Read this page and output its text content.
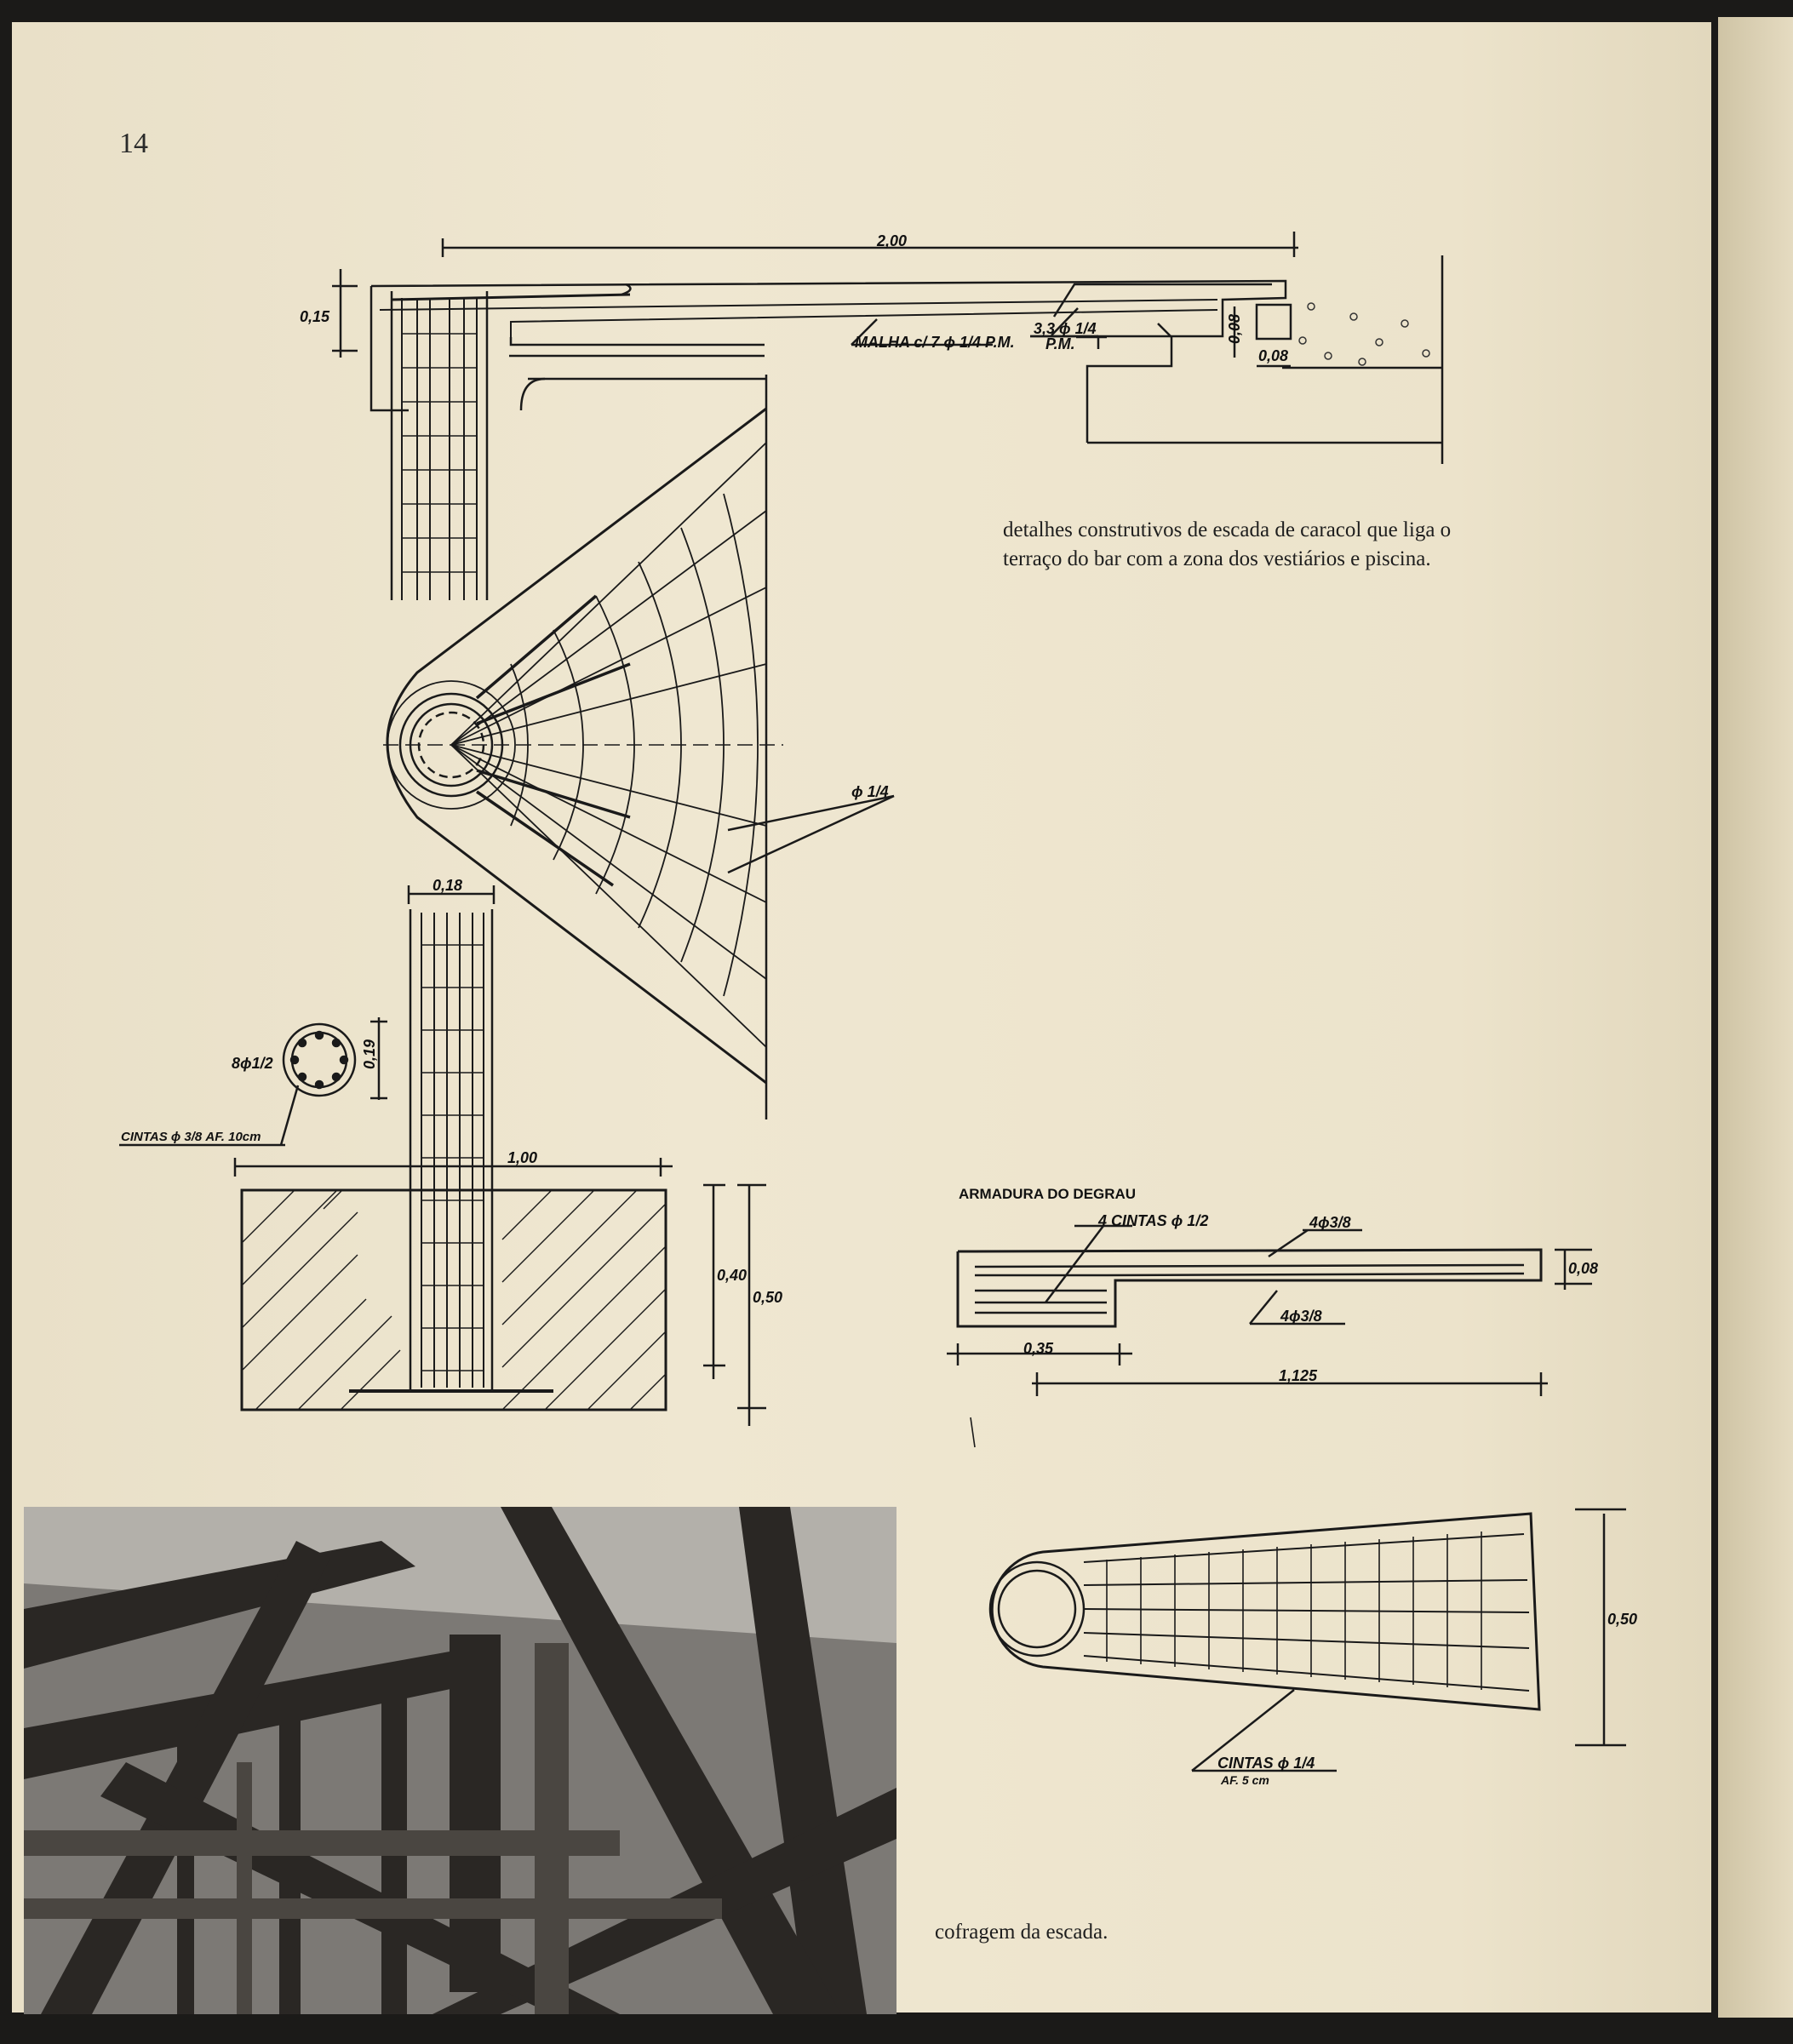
14
2,00
0,15
MALHA c/ 7 ϕ 1/4 P.M.
3,3 ϕ 1/4
P.M.	0,08
0,08
ϕ 1/4
0,18
8ϕ1/2	0,19
CINTAS ϕ 3/8 AF. 10cm
1,00
0,40
0,50
ARMADURA DO DEGRAU
4 CINTAS ϕ 1/2	4ϕ3/8
4ϕ3/8
0,08
0,35
1,125
0,50
CINTAS ϕ 1/4
AF. 5 cm
detalhes construtivos de escada de caracol que liga o terraço do bar com a zona dos vestiários e piscina.
cofragem da escada.
